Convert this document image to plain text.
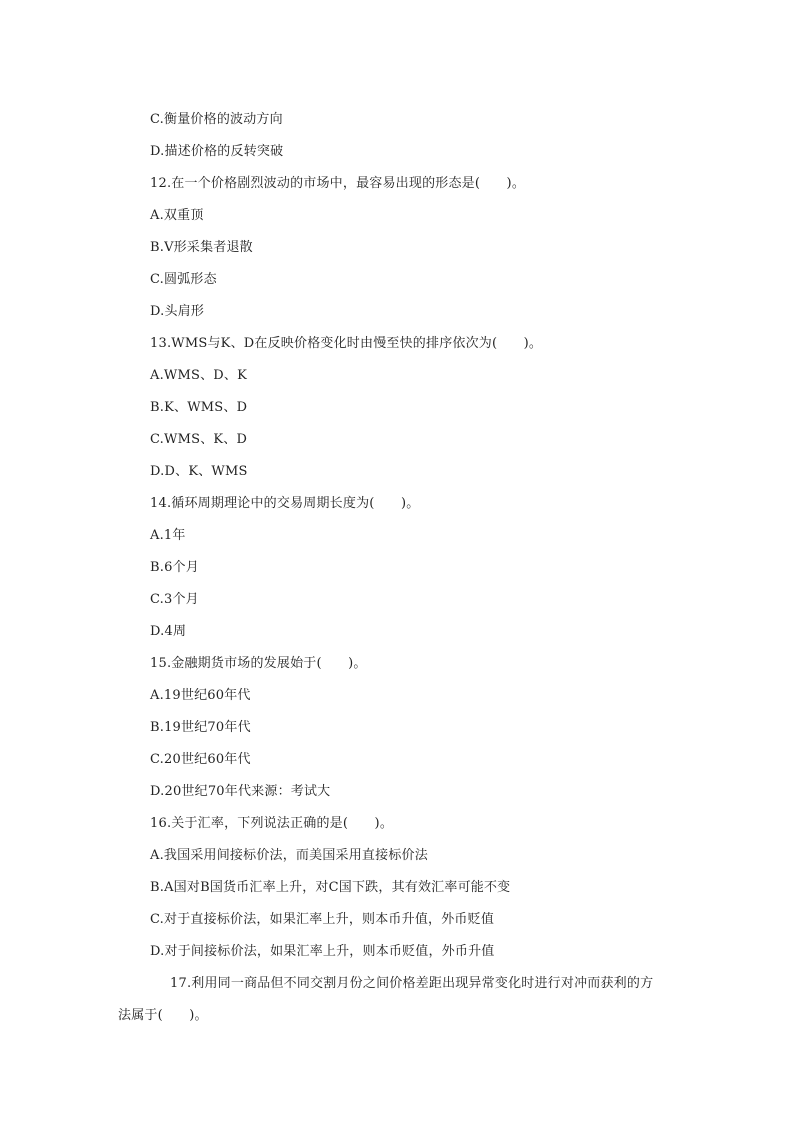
C.衡量价格的波动方向
D.描述价格的反转突破
12.在一个价格剧烈波动的市场中，最容易出现的形态是(　　)。
A.双重顶
B.V形采集者退散
C.圆弧形态
D.头肩形
13.WMS与K、D在反映价格变化时由慢至快的排序依次为(　　)。
A.WMS、D、K
B.K、WMS、D
C.WMS、K、D
D.D、K、WMS
14.循环周期理论中的交易周期长度为(　　)。
A.1年
B.6个月
C.3个月
D.4周
15.金融期货市场的发展始于(　　)。
A.19世纪60年代
B.19世纪70年代
C.20世纪60年代
D.20世纪70年代来源：考试大
16.关于汇率，下列说法正确的是(　　)。
A.我国采用间接标价法，而美国采用直接标价法
B.A国对B国货币汇率上升，对C国下跌，其有效汇率可能不变
C.对于直接标价法，如果汇率上升，则本币升值，外币贬值
D.对于间接标价法，如果汇率上升，则本币贬值，外币升值
17.利用同一商品但不同交割月份之间价格差距出现异常变化时进行对冲而获利的方
法属于(　　)。
